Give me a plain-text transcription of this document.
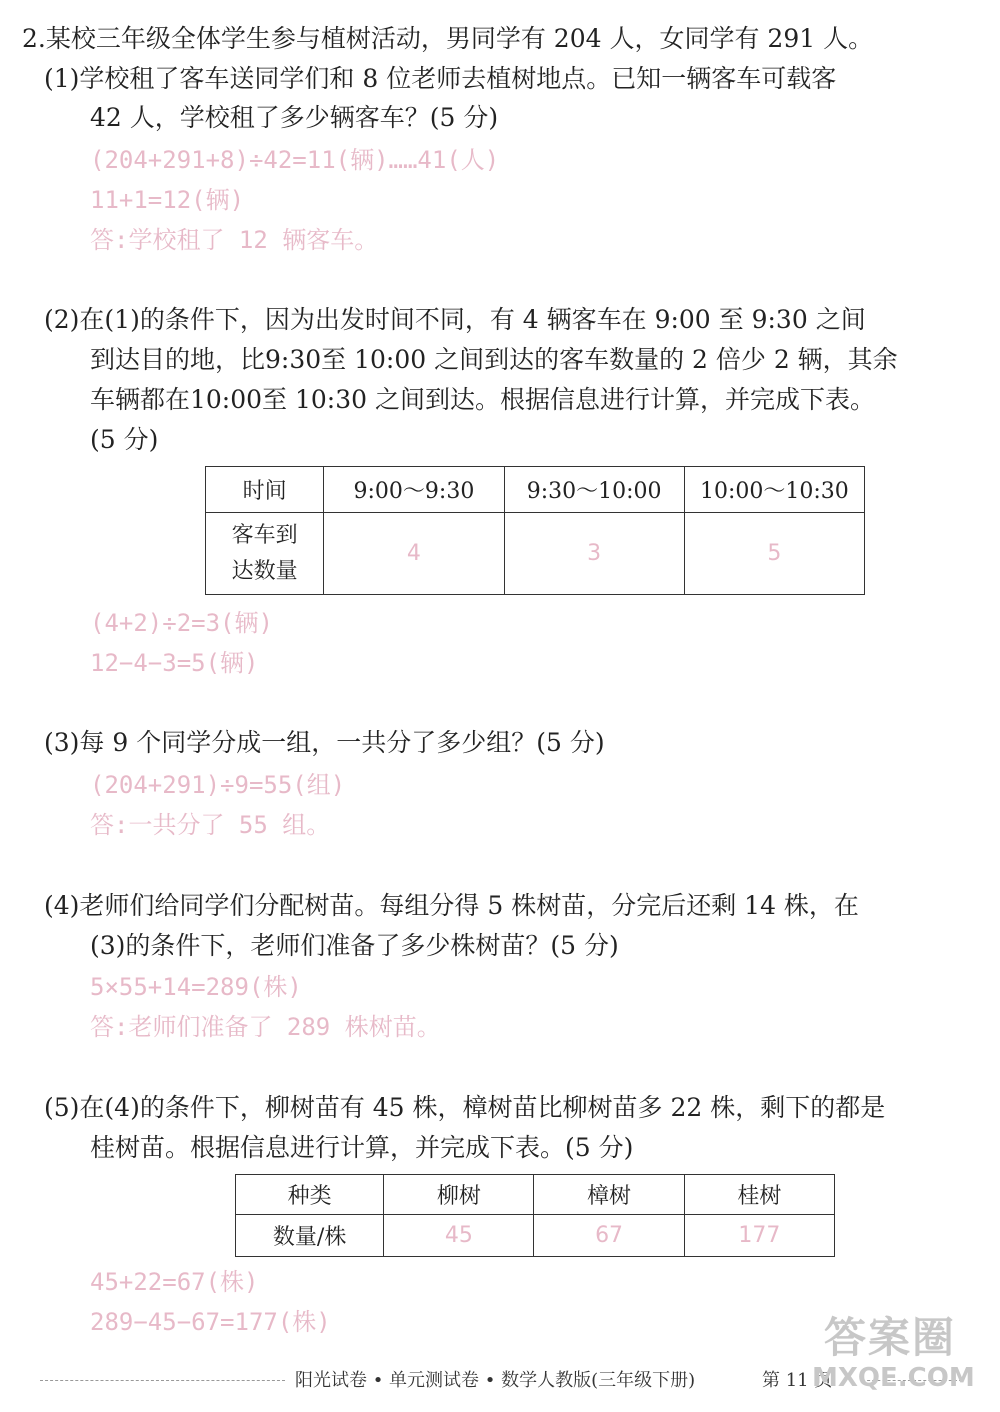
2.某校三年级全体学生参与植树活动，男同学有 204 人，女同学有 291 人。
(1)学校租了客车送同学们和 8 位老师去植树地点。已知一辆客车可载客
42 人，学校租了多少辆客车？(5 分)
(204+291+8)÷42=11(辆)……41(人)
11+1=12(辆)
答:学校租了 12 辆客车。
(2)在(1)的条件下，因为出发时间不同，有 4 辆客车在 9:00 至 9:30 之间
到达目的地，比9:30至 10:00 之间到达的客车数量的 2 倍少 2 辆，其余
车辆都在10:00至 10:30 之间到达。根据信息进行计算，并完成下表。
(5 分)
时间	9:00～9:30	9:30～10:00	10:00～10:30
客车到
达数量	4	3	5
(4+2)÷2=3(辆)
12−4−3=5(辆)
(3)每 9 个同学分成一组，一共分了多少组？(5 分)
(204+291)÷9=55(组)
答:一共分了 55 组。
(4)老师们给同学们分配树苗。每组分得 5 株树苗，分完后还剩 14 株，在
(3)的条件下，老师们准备了多少株树苗？(5 分)
5×55+14=289(株)
答:老师们准备了 289 株树苗。
(5)在(4)的条件下，柳树苗有 45 株，樟树苗比柳树苗多 22 株，剩下的都是
桂树苗。根据信息进行计算，并完成下表。(5 分)
种类	柳树	樟树	桂树
数量/株	45	67	177
45+22=67(株)
289−45−67=177(株)
阳光试卷 • 单元测试卷 • 数学人教版(三年级下册)	第 11 页
答案圈
MXQE.COM
